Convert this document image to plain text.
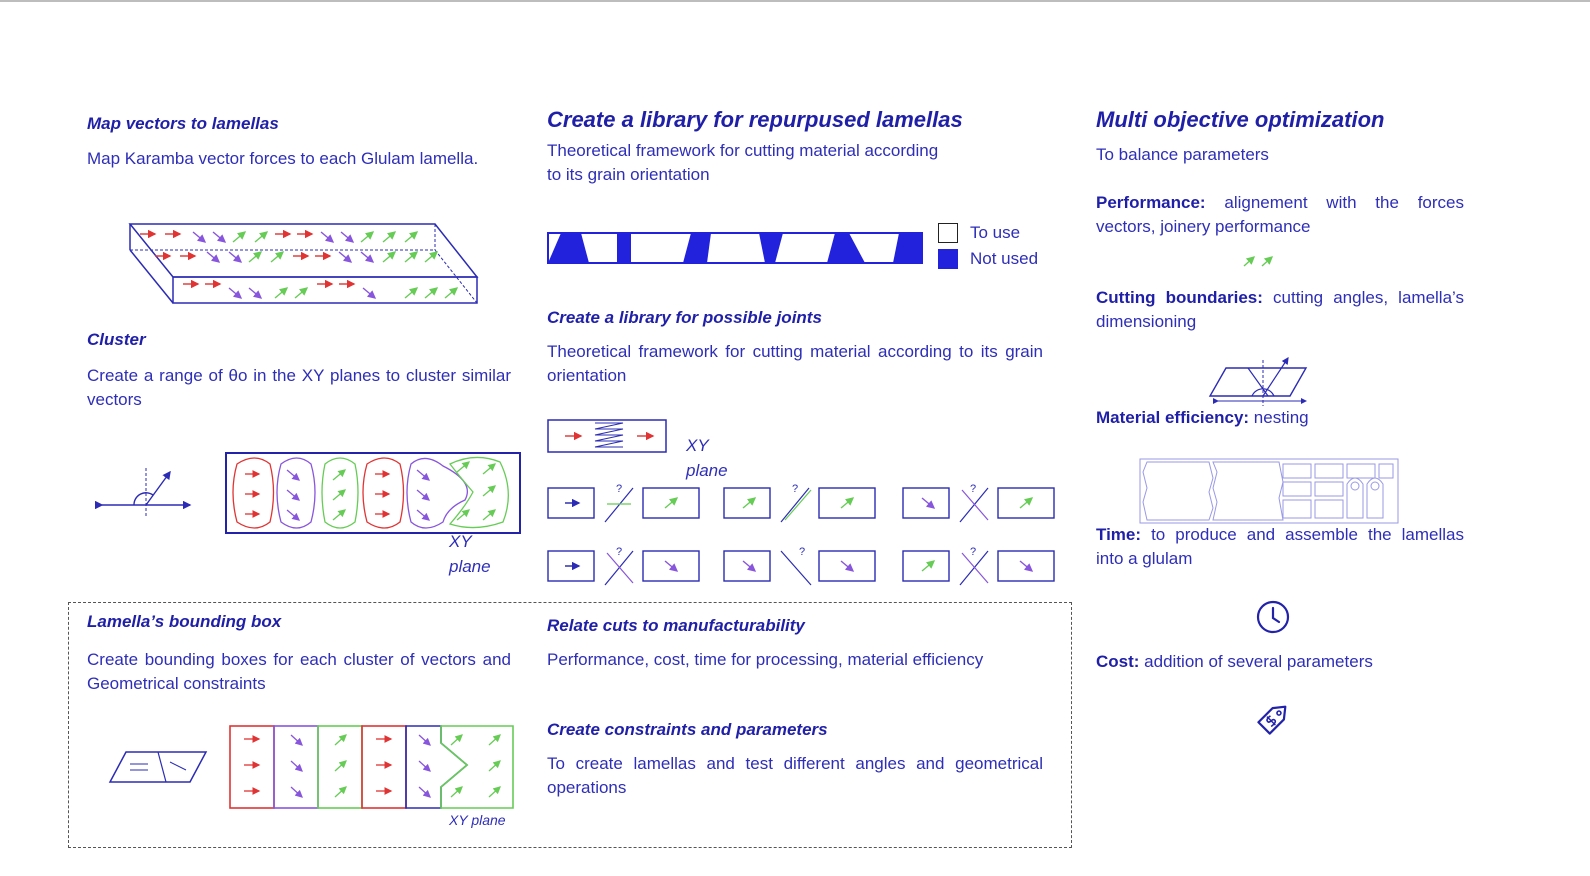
Map vectors to lamellas
Map Karamba vector forces to each Glulam lamella.
Cluster
Create a range of θo in the XY planes to cluster similar vectors
XY
plane
Lamella’s bounding box
Create bounding boxes for each cluster of vectors and Geometrical constraints
XY plane
Create a library for repurpused lamellas
Theoretical framework for cutting material according
to its grain orientation
To use
Not used
Create a library for possible joints
Theoretical framework for cutting material according to its grain orientation
XY
plane
?	?	?
?	?	?
Relate cuts to manufacturability
Performance, cost, time for processing, material efficiency
Create constraints and parameters
To create lamellas and test different angles and geometrical operations
Multi objective optimization
To balance parameters
Performance: alignement with the forces vectors, joinery performance
Cutting boundaries: cutting angles, lamella’s dimensioning
Material efficiency: nesting
Time: to produce and assemble the lamellas into a glulam
Cost: addition of several parameters
